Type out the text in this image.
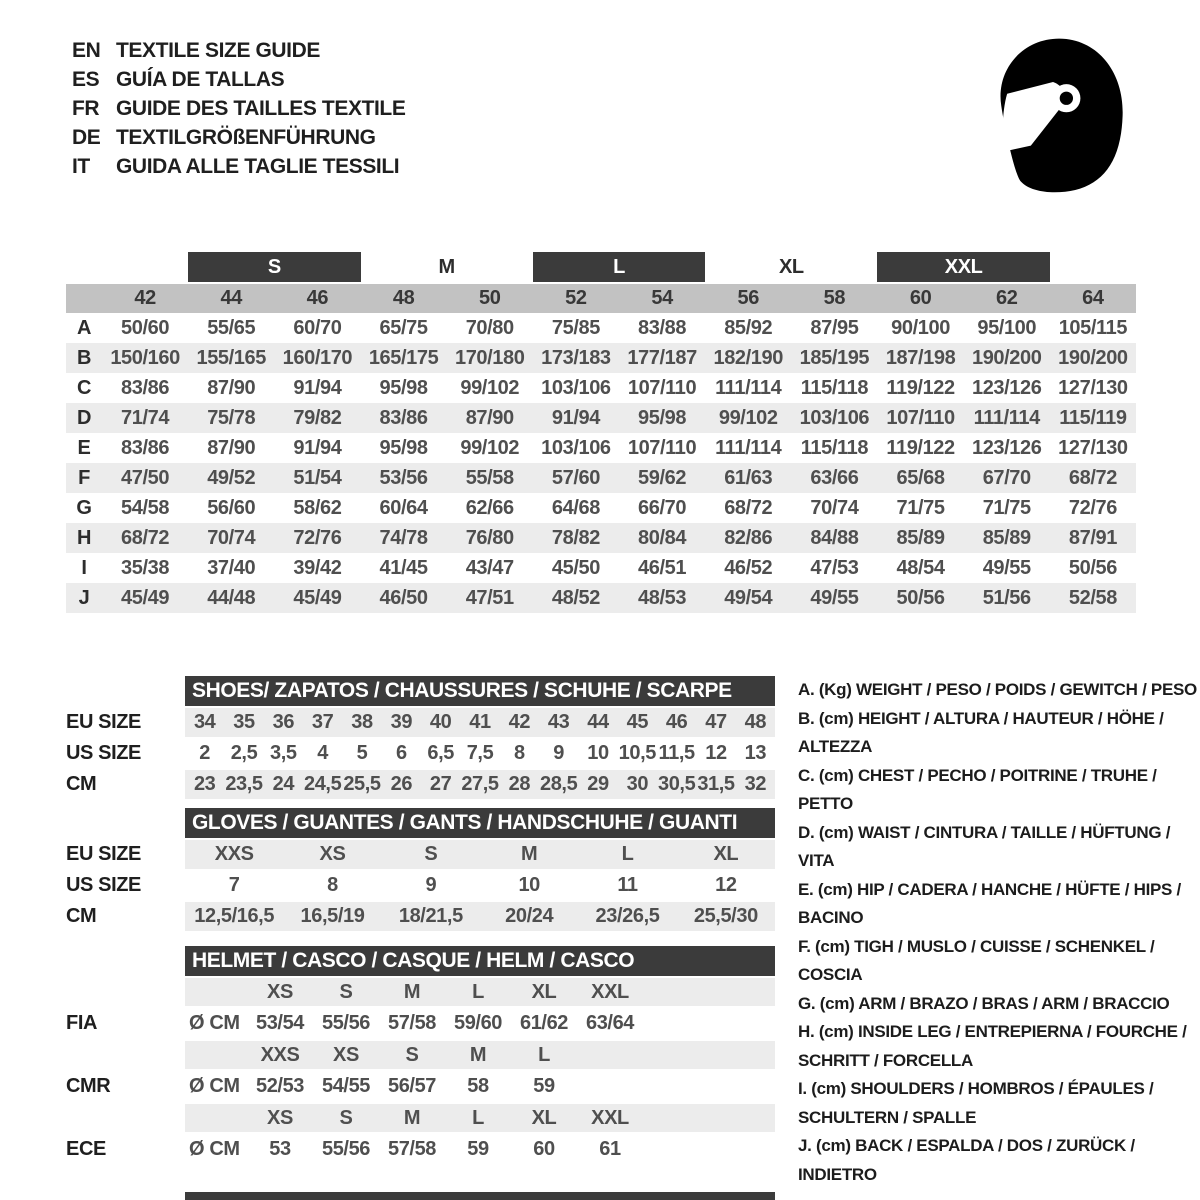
EN TEXTILE SIZE GUIDE
ES GUÍA DE TALLAS
FR GUIDE DES TAILLES TEXTILE
DE TEXTILGRÖßENFÜHRUNG
IT	GUIDA ALLE TAGLIE TESSILI
S	M	L	XL	XXL
42	44	46	48	50	52	54	56	58	60	62	64
A	50/60	55/65	60/70	65/75	70/80	75/85	83/88	85/92	87/95	90/100	95/100	105/115
B 150/160 155/165 160/170 165/175 170/180 173/183 177/187 182/190 185/195 187/198 190/200 190/200
C	83/86	87/90	91/94	95/98	99/102	103/106 107/110 111/114 115/118 119/122 123/126 127/130
D	71/74	75/78	79/82	83/86	87/90	91/94	95/98	99/102	103/106 107/110 111/114 115/119
E	83/86	87/90	91/94	95/98	99/102	103/106 107/110 111/114 115/118 119/122 123/126 127/130
F	47/50	49/52	51/54	53/56	55/58	57/60	59/62	61/63	63/66	65/68	67/70	68/72
G	54/58	56/60	58/62	60/64	62/66	64/68	66/70	68/72	70/74	71/75	71/75	72/76
H	68/72	70/74	72/76	74/78	76/80	78/82	80/84	82/86	84/88	85/89	85/89	87/91
I	35/38	37/40	39/42	41/45	43/47	45/50	46/51	46/52	47/53	48/54	49/55	50/56
J	45/49	44/48	45/49	46/50	47/51	48/52	48/53	49/54	49/55	50/56	51/56	52/58
SHOES/ ZAPATOS / CHAUSSURES / SCHUHE / SCARPE
EU SIZE	34 35 36 37 38 39 40 41 42 43 44 45 46 47 48
US SIZE	2	2,5 3,5	4	5	6	6,5 7,5	8	9	10 10,5 11,5 12 13
CM	23 23,5 24 24,5 25,5 26 27 27,5 28 28,5 29 30 30,5 31,5 32
GLOVES / GUANTES / GANTS / HANDSCHUHE / GUANTI
EU SIZE	XXS	XS	S	M	L	XL
US SIZE	7	8	9	10	11	12
CM	12,5/16,5	16,5/19	18/21,5	20/24	23/26,5	25,5/30
HELMET / CASCO / CASQUE / HELM / CASCO
XS	S	M	L	XL	XXL
FIA	Ø CM 53/54 55/56 57/58 59/60 61/62 63/64
XXS	XS	S	M	L
CMR	Ø CM 52/53 54/55 56/57	58	59
XS	S	M	L	XL	XXL
ECE	Ø CM	53	55/56 57/58	59	60	61
A. (Kg) WEIGHT / PESO / POIDS / GEWITCH / PESO
B. (cm) HEIGHT / ALTURA / HAUTEUR / HÖHE / ALTEZZA
C. (cm) CHEST / PECHO / POITRINE / TRUHE / PETTO
D. (cm) WAIST / CINTURA / TAILLE / HÜFTUNG / VITA
E. (cm) HIP / CADERA / HANCHE / HÜFTE / HIPS / BACINO
F. (cm) TIGH / MUSLO / CUISSE / SCHENKEL / COSCIA
G. (cm) ARM / BRAZO / BRAS / ARM / BRACCIO
H. (cm) INSIDE LEG / ENTREPIERNA / FOURCHE / SCHRITT / FORCELLA
I. (cm) SHOULDERS / HOMBROS / ÉPAULES / SCHULTERN / SPALLE
J. (cm) BACK / ESPALDA / DOS / ZURÜCK / INDIETRO
